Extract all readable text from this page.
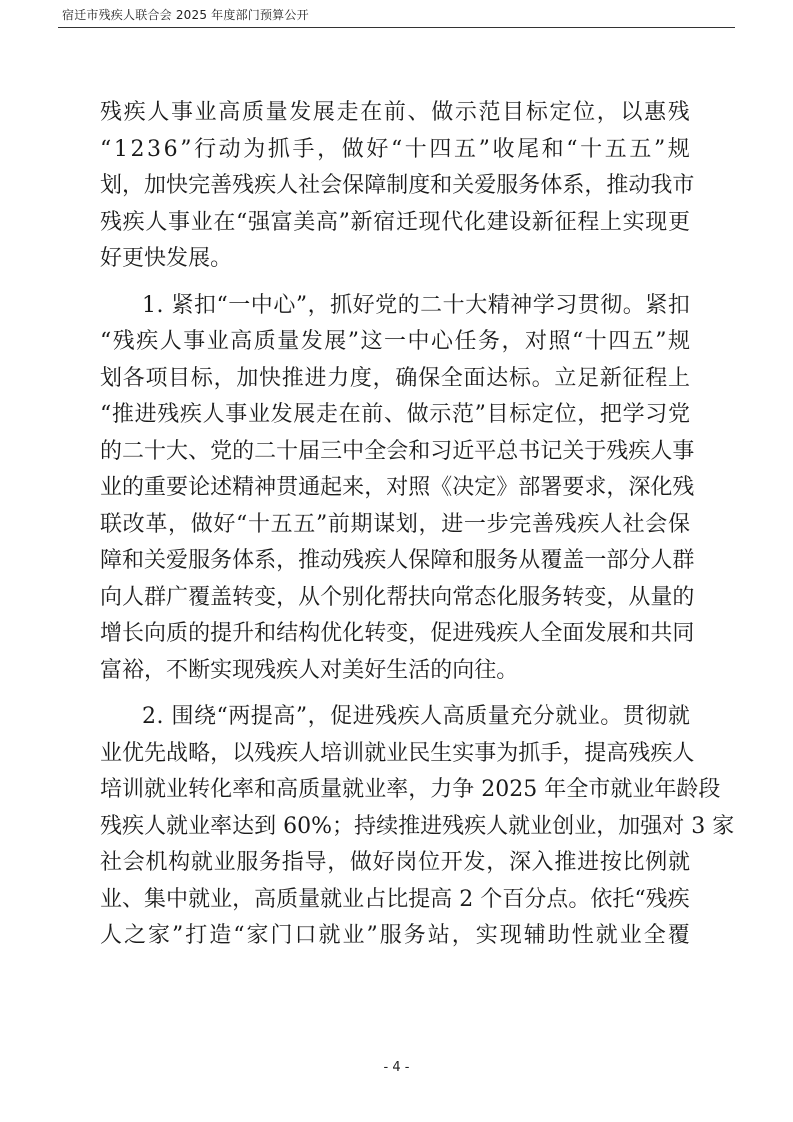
宿迁市残疾人联合会 2025 年度部门预算公开
残 疾 人 事 业 高 质 量 发 展 走 在 前 、 做 示 范 目 标 定 位 ， 以 惠 残
“ 1 2 3 6 ” 行 动 为 抓 手 ， 做 好 “ 十 四 五 ” 收 尾 和 “ 十 五 五 ” 规
划 ， 加 快 完 善 残 疾 人 社 会 保 障 制 度 和 关 爱 服 务 体 系 ， 推 动 我 市
残 疾 人 事 业 在 “ 强 富 美 高 ” 新 宿 迁 现 代 化 建 设 新 征 程 上 实 现 更
好 更 快 发 展 。
1 .
紧 扣 “ 一 中 心 ” ， 抓 好 党 的 二 十 大 精 神 学 习 贯 彻 。 紧 扣
“ 残 疾 人 事 业 高 质 量 发 展 ” 这 一 中 心 任 务 ， 对 照 “ 十 四 五 ” 规
划 各 项 目 标 ， 加 快 推 进 力 度 ， 确 保 全 面 达 标 。 立 足 新 征 程 上
“ 推 进 残 疾 人 事 业 发 展 走 在 前 、 做 示 范 ” 目 标 定 位 ， 把 学 习 党
的 二 十 大 、 党 的 二 十 届 三 中 全 会 和 习 近 平 总 书 记 关 于 残 疾 人 事
业 的 重 要 论 述 精 神 贯 通 起 来 ， 对 照 《 决 定 》 部 署 要 求 ， 深 化 残
联 改 革 ， 做 好 “ 十 五 五 ” 前 期 谋 划 ， 进 一 步 完 善 残 疾 人 社 会 保
障 和 关 爱 服 务 体 系 ， 推 动 残 疾 人 保 障 和 服 务 从 覆 盖 一 部 分 人 群
向 人 群 广 覆 盖 转 变 ， 从 个 别 化 帮 扶 向 常 态 化 服 务 转 变 ， 从 量 的
增 长 向 质 的 提 升 和 结 构 优 化 转 变 ， 促 进 残 疾 人 全 面 发 展 和 共 同
富 裕 ， 不 断 实 现 残 疾 人 对 美 好 生 活 的 向 往 。
2 .
围 绕 “ 两 提 高 ” ， 促 进 残 疾 人 高 质 量 充 分 就 业 。 贯 彻 就
业 优 先 战 略 ， 以 残 疾 人 培 训 就 业 民 生 实 事 为 抓 手 ， 提 高 残 疾 人
培 训 就 业 转 化 率 和 高 质 量 就 业 率 ， 力 争
2 0 2 5
年 全 市 就 业 年 龄 段
残 疾 人 就 业 率 达 到
6 0 % ； 持 续 推 进 残 疾 人 就 业 创 业 ， 加 强 对
3
家
社 会 机 构 就 业 服 务 指 导 ， 做 好 岗 位 开 发 ， 深 入 推 进 按 比 例 就
业 、 集 中 就 业 ， 高 质 量 就 业 占 比 提 高
2
个 百 分 点 。 依 托 “ 残 疾
人 之 家 ” 打 造 “ 家 门 口 就 业 ” 服 务 站 ， 实 现 辅 助 性 就 业 全 覆
- 4 -
